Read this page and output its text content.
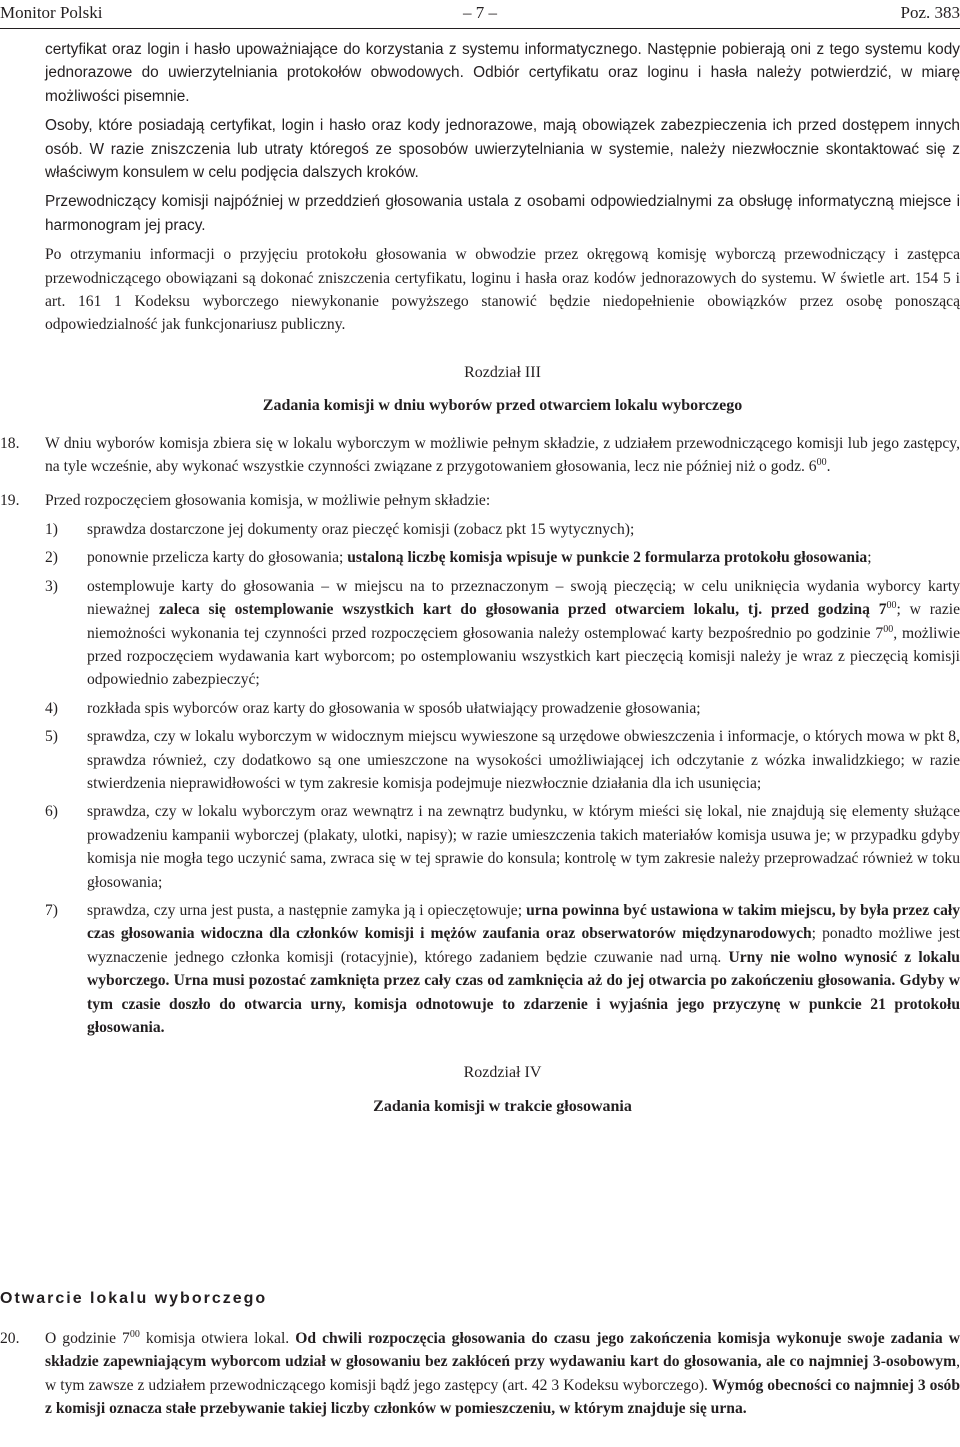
Monitor Polski	– 7 –	Poz. 383

certyfikat oraz login i hasło upoważniające do korzystania z systemu informatycznego. Następnie pobierają oni z tego systemu kody jednorazowe do uwierzytelniania protokołów obwodowych. Odbiór certyfikatu oraz loginu i hasła należy potwierdzić, w miarę możliwości pisemnie.

Osoby, które posiadają certyfikat, login i hasło oraz kody jednorazowe, mają obowiązek zabezpieczenia ich przed dostępem innych osób. W razie zniszczenia lub utraty któregoś ze sposobów uwierzytelniania w systemie, należy niezwłocznie skontaktować się z właściwym konsulem w celu podjęcia dalszych kroków.

Przewodniczący komisji najpóźniej w przeddzień głosowania ustala z osobami odpowiedzialnymi za obsługę informatyczną miejsce i harmonogram jej pracy.

Po otrzymaniu informacji o przyjęciu protokołu głosowania w obwodzie przez okręgową komisję wyborczą przewodniczący i zastępca przewodniczącego obowiązani są dokonać zniszczenia certyfikatu, loginu i hasła oraz kodów jednorazowych do systemu. W świetle art. 154 5 i art. 161 1 Kodeksu wyborczego niewykonanie powyższego stanowić będzie niedopełnienie obowiązków przez osobę ponoszącą odpowiedzialność jak funkcjonariusz publiczny.

Rozdział III
Zadania komisji w dniu wyborów przed otwarciem lokalu wyborczego
18. W dniu wyborów komisja zbiera się w lokalu wyborczym w możliwie pełnym składzie, z udziałem przewodniczącego komisji lub jego zastępcy, na tyle wcześnie, aby wykonać wszystkie czynności związane z przygotowaniem głosowania, lecz nie później niż o godz. $6^{00}$.
19. Przed rozpoczęciem głosowania komisja, w możliwie pełnym składzie:
1) sprawdza dostarczone jej dokumenty oraz pieczęć komisji (zobacz pkt 15 wytycznych);
2) ponownie przelicza karty do głosowania; ustaloną liczbę komisja wpisuje w punkcie 2 formularza protokołu głosowania;
3) ostemplowuje karty do głosowania – w miejscu na to przeznaczonym – swoją pieczęcią; w celu uniknięcia wydania wyborcy karty nieważnej zaleca się ostemplowanie wszystkich kart do głosowania przed otwarciem lokalu, tj. przed godziną $7^{00}$; w razie niemożności wykonania tej czynności przed rozpoczęciem głosowania należy ostemplować karty bezpośrednio po godzinie $7^{00}$, możliwie przed rozpoczęciem wydawania kart wyborcom; po ostemplowaniu wszystkich kart pieczęcią komisji należy je wraz z pieczęcią komisji odpowiednio zabezpieczyć;
4) rozkłada spis wyborców oraz karty do głosowania w sposób ułatwiający prowadzenie głosowania;
5) sprawdza, czy w lokalu wyborczym w widocznym miejscu wywieszone są urzędowe obwieszczenia i informacje, o których mowa w pkt 8, sprawdza również, czy dodatkowo są one umieszczone na wysokości umożliwiającej ich odczytanie z wózka inwalidzkiego; w razie stwierdzenia nieprawidłowości w tym zakresie komisja podejmuje niezwłocznie działania dla ich usunięcia;
6) sprawdza, czy w lokalu wyborczym oraz wewnątrz i na zewnątrz budynku, w którym mieści się lokal, nie znajdują się elementy służące prowadzeniu kampanii wyborczej (plakaty, ulotki, napisy); w razie umieszczenia takich materiałów komisja usuwa je; w przypadku gdyby komisja nie mogła tego uczynić sama, zwraca się w tej sprawie do konsula; kontrolę w tym zakresie należy przeprowadzać również w toku głosowania;
7) sprawdza, czy urna jest pusta, a następnie zamyka ją i opieczętowuje; urna powinna być ustawiona w takim miejscu, by była przez cały czas głosowania widoczna dla członków komisji i mężów zaufania oraz obserwatorów międzynarodowych; ponadto możliwe jest wyznaczenie jednego członka komisji (rotacyjnie), którego zadaniem będzie czuwanie nad urną. Urny nie wolno wynosić z lokalu wyborczego. Urna musi pozostać zamknięta przez cały czas od zamknięcia aż do jej otwarcia po zakończeniu głosowania. Gdyby w tym czasie doszło do otwarcia urny, komisja odnotowuje to zdarzenie i wyjaśnia jego przyczynę w punkcie 21 protokołu głosowania.
Rozdział IV
Zadania komisji w trakcie głosowania
Otwarcie lokalu wyborczego
20. O godzinie $7^{00}$ komisja otwiera lokal. Od chwili rozpoczęcia głosowania do czasu jego zakończenia komisja wykonuje swoje zadania w składzie zapewniającym wyborcom udział w głosowaniu bez zakłóceń przy wydawaniu kart do głosowania, ale co najmniej 3-osobowym, w tym zawsze z udziałem przewodniczącego komisji bądź jego zastępcy (art. 42 3 Kodeksu wyborczego). Wymóg obecności co najmniej 3 osób z komisji oznacza stałe przebywanie takiej liczby członków w pomieszczeniu, w którym znajduje się urna.
